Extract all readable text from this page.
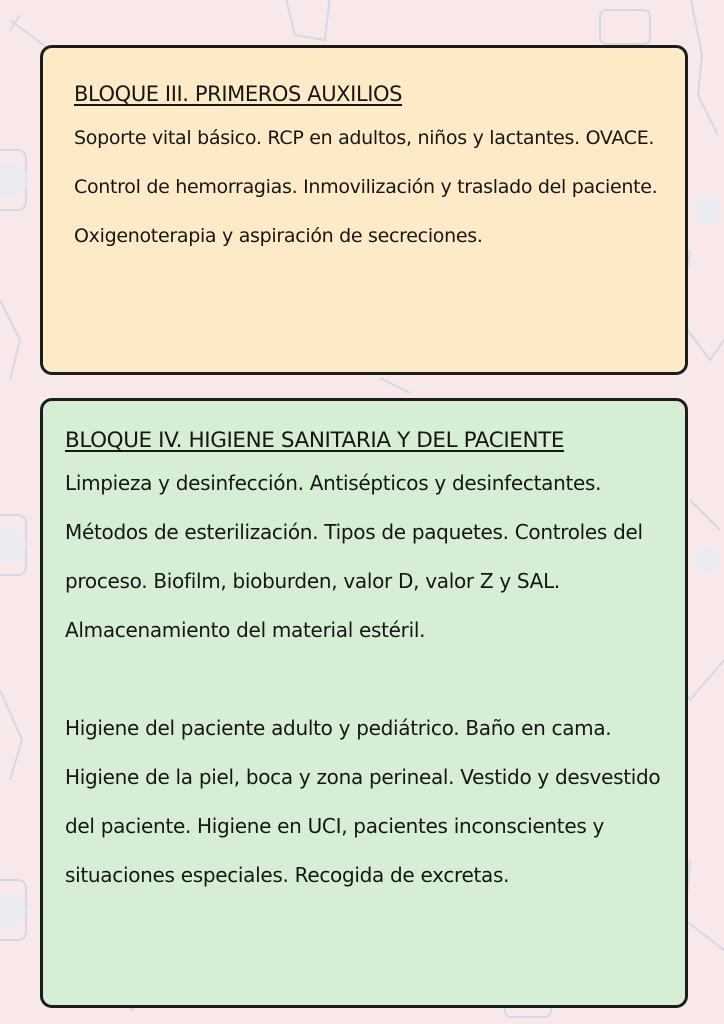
BLOQUE III. PRIMEROS AUXILIOS

Soporte vital básico. RCP en adultos, niños y lactantes. OVACE. Control de hemorragias. Inmovilización y traslado del paciente. Oxigenoterapia y aspiración de secreciones.

BLOQUE IV. HIGIENE SANITARIA Y DEL PACIENTE

Limpieza y desinfección. Antisépticos y desinfectantes. Métodos de esterilización. Tipos de paquetes. Controles del proceso. Biofilm, bioburden, valor D, valor Z y SAL. Almacenamiento del material estéril.

Higiene del paciente adulto y pediátrico. Baño en cama. Higiene de la piel, boca y zona perineal. Vestido y desvestido del paciente. Higiene en UCI, pacientes inconscientes y situaciones especiales. Recogida de excretas.
